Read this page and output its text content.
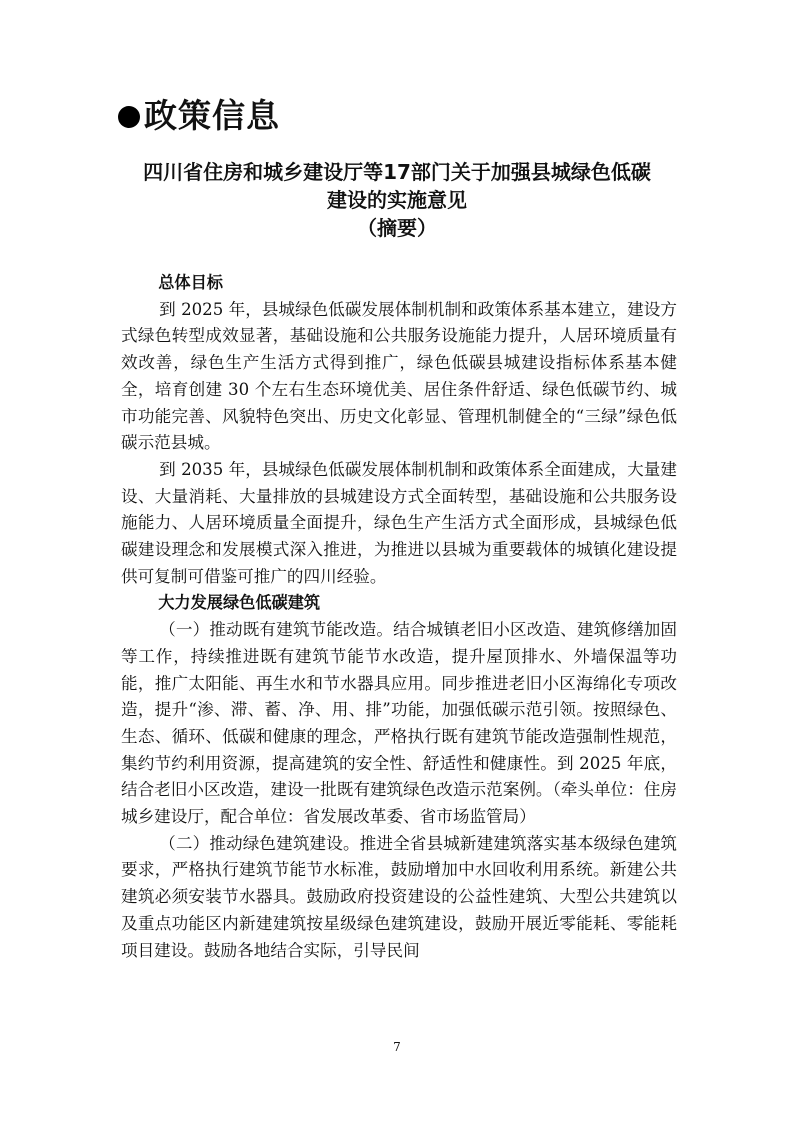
政策信息
四川省住房和城乡建设厅等17部门关于加强县城绿色低碳
建设的实施意见
（摘要）

总体目标

到 2025 年，县城绿色低碳发展体制机制和政策体系基本建立，建设方式绿色转型成效显著，基础设施和公共服务设施能力提升，人居环境质量有效改善，绿色生产生活方式得到推广，绿色低碳县城建设指标体系基本健全，培育创建 30 个左右生态环境优美、居住条件舒适、绿色低碳节约、城市功能完善、风貌特色突出、历史文化彰显、管理机制健全的“三绿”绿色低碳示范县城。

到 2035 年，县城绿色低碳发展体制机制和政策体系全面建成，大量建设、大量消耗、大量排放的县城建设方式全面转型，基础设施和公共服务设施能力、人居环境质量全面提升，绿色生产生活方式全面形成，县城绿色低碳建设理念和发展模式深入推进，为推进以县城为重要载体的城镇化建设提供可复制可借鉴可推广的四川经验。

大力发展绿色低碳建筑

（一）推动既有建筑节能改造。结合城镇老旧小区改造、建筑修缮加固等工作，持续推进既有建筑节能节水改造，提升屋顶排水、外墙保温等功能，推广太阳能、再生水和节水器具应用。同步推进老旧小区海绵化专项改造，提升“渗、滞、蓄、净、用、排”功能，加强低碳示范引领。按照绿色、生态、循环、低碳和健康的理念，严格执行既有建筑节能改造强制性规范，集约节约利用资源，提高建筑的安全性、舒适性和健康性。到 2025 年底，结合老旧小区改造，建设一批既有建筑绿色改造示范案例。（牵头单位：住房城乡建设厅，配合单位：省发展改革委、省市场监管局）

（二）推动绿色建筑建设。推进全省县城新建建筑落实基本级绿色建筑要求，严格执行建筑节能节水标准，鼓励增加中水回收利用系统。新建公共建筑必须安装节水器具。鼓励政府投资建设的公益性建筑、大型公共建筑以及重点功能区内新建建筑按星级绿色建筑建设，鼓励开展近零能耗、零能耗项目建设。鼓励各地结合实际，引导民间

7
